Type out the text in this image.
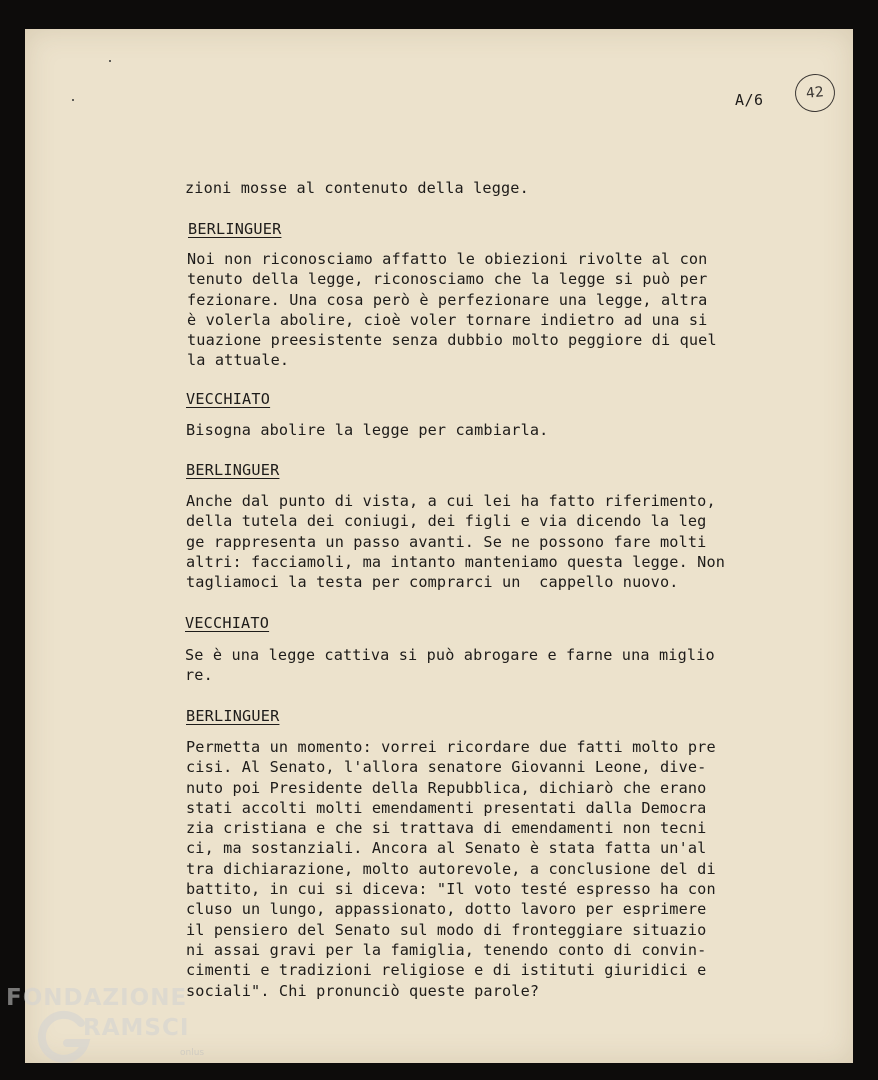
A/6	42
zioni mosse al contenuto della legge.
BERLINGUER
Noi non riconosciamo affatto le obiezioni rivolte al con
tenuto della legge, riconosciamo che la legge si può per
fezionare. Una cosa però è perfezionare una legge, altra
è volerla abolire, cioè voler tornare indietro ad una si
tuazione preesistente senza dubbio molto peggiore di quel
la attuale.
VECCHIATO
Bisogna abolire la legge per cambiarla.
BERLINGUER
Anche dal punto di vista, a cui lei ha fatto riferimento,
della tutela dei coniugi, dei figli e via dicendo la leg
ge rappresenta un passo avanti. Se ne possono fare molti
altri: facciamoli, ma intanto manteniamo questa legge. Non
tagliamoci la testa per comprarci un  cappello nuovo.
VECCHIATO
Se è una legge cattiva si può abrogare e farne una miglio
re.
BERLINGUER
Permetta un momento: vorrei ricordare due fatti molto pre
cisi. Al Senato, l'allora senatore Giovanni Leone, dive-
nuto poi Presidente della Repubblica, dichiarò che erano
stati accolti molti emendamenti presentati dalla Democra
zia cristiana e che si trattava di emendamenti non tecni
ci, ma sostanziali. Ancora al Senato è stata fatta un'al
tra dichiarazione, molto autorevole, a conclusione del di
battito, in cui si diceva: "Il voto testé espresso ha con
cluso un lungo, appassionato, dotto lavoro per esprimere
il pensiero del Senato sul modo di fronteggiare situazio
ni assai gravi per la famiglia, tenendo conto di convin-
cimenti e tradizioni religiose e di istituti giuridici e
sociali". Chi pronunciò queste parole?
FONDAZIONE
RAMSCI
onlus
